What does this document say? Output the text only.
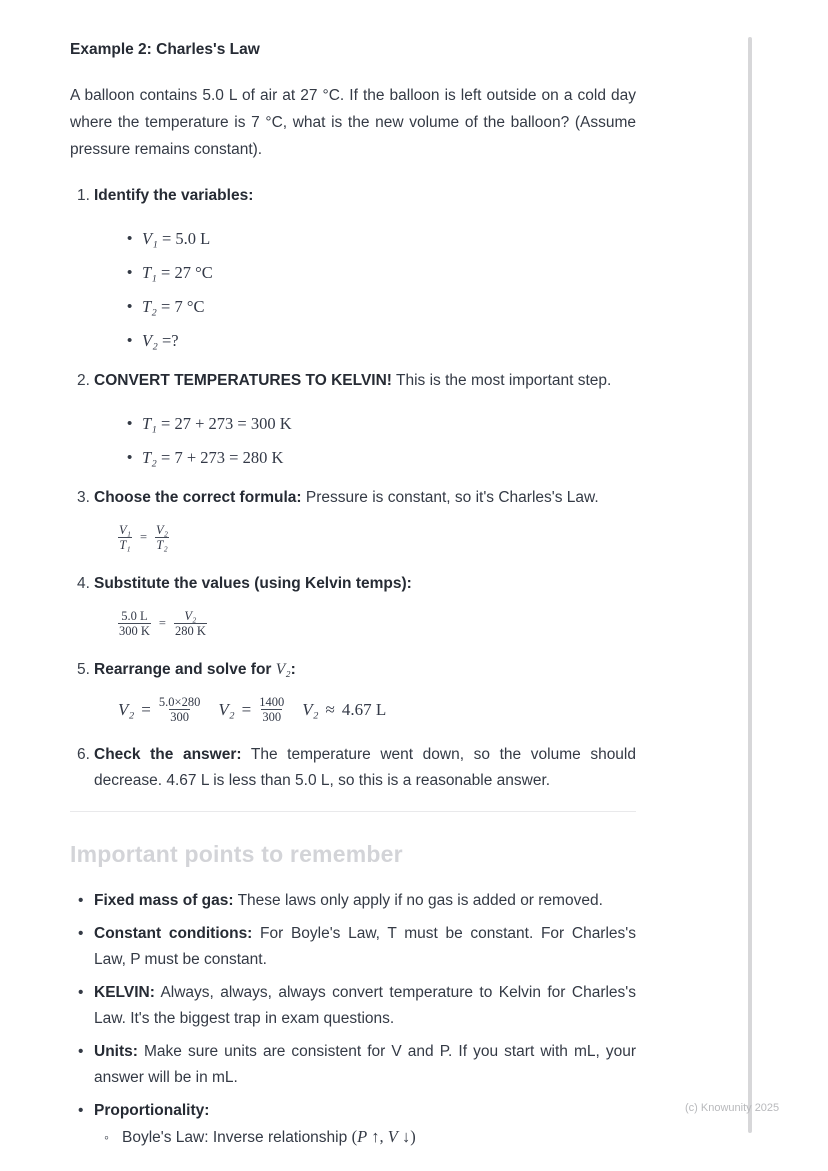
Example 2: Charles's Law

A balloon contains 5.0 L of air at 27 °C. If the balloon is left outside on a cold day where the temperature is 7 °C, what is the new volume of the balloon? (Assume pressure remains constant).

1. Identify the variables:
• V₁ = 5.0 L
• T₁ = 27 °C
• T₂ = 7 °C
• V₂ =?
2. CONVERT TEMPERATURES TO KELVIN! This is the most important step.
• T₁ = 27 + 273 = 300 K
• T₂ = 7 + 273 = 280 K
3. Choose the correct formula: Pressure is constant, so it's Charles's Law.
$\frac{\text{V₁}}{\text{T₁}} = \frac{\text{V₂}}{\text{T₂}}$
4. Substitute the values (using Kelvin temps):
$\frac{5.0 L}{300 K} = \frac{\text{V₂}}{280 K}$
5. Rearrange and solve for V₂:
$V_2 = \frac{5.0\times 280}{300} V_2 = \frac{1400}{300} V_2 \approx 4.67$ L
6. Check the answer: The temperature went down, so the volume should decrease. 4.67 L is less than 5.0 L, so this is a reasonable answer.
Important points to remember
• Fixed mass of gas: These laws only apply if no gas is added or removed.
• Constant conditions: For Boyle's Law, T must be constant. For Charles's Law, P must be constant.
• KELVIN: Always, always, always convert temperature to Kelvin for Charles's Law. It's the biggest trap in exam questions.
• Units: Make sure units are consistent for V and P. If you start with mL, your answer will be in mL.
• Proportionality:
◦ Boyle's Law: Inverse relationship (P ↑, V ↓)
(c) Knowunity 2025
